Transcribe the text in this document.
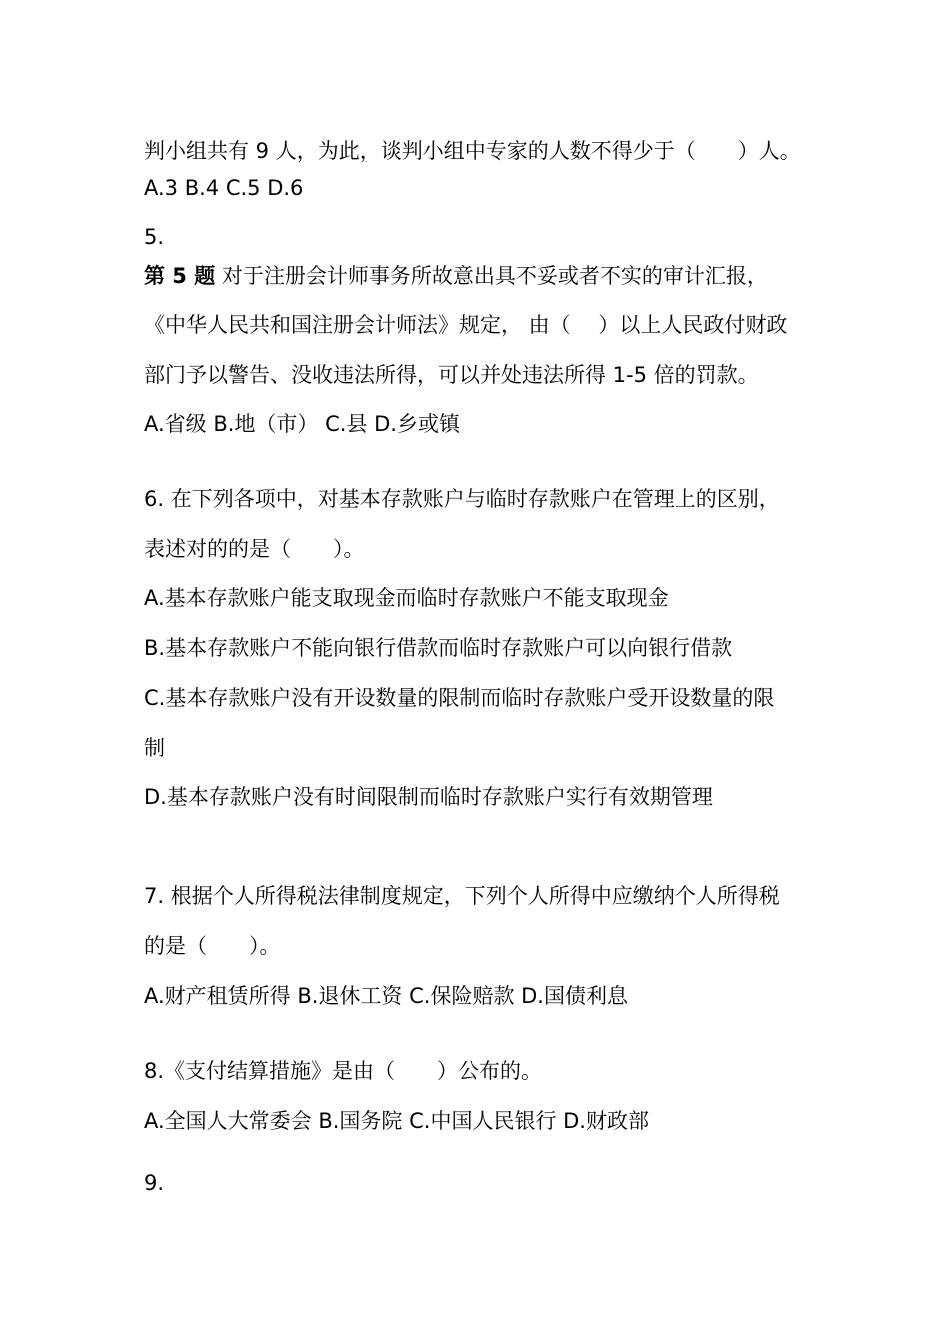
判小组共有 9 人，为此，谈判小组中专家的人数不得少于（　　）人。
A.3 B.4 C.5 D.6
5.
第 5 题 对于注册会计师事务所故意出具不妥或者不实的审计汇报，
《中华人民共和国注册会计师法》规定， 由（　 ）以上人民政付财政
部门予以警告、没收违法所得，可以并处违法所得 1-5 倍的罚款。
A.省级 B.地（市） C.县 D.乡或镇
6. 在下列各项中，对基本存款账户与临时存款账户在管理上的区别，
表述对的的是（　　）。
A.基本存款账户能支取现金而临时存款账户不能支取现金
B.基本存款账户不能向银行借款而临时存款账户可以向银行借款
C.基本存款账户没有开设数量的限制而临时存款账户受开设数量的限
制
D.基本存款账户没有时间限制而临时存款账户实行有效期管理
7. 根据个人所得税法律制度规定，下列个人所得中应缴纳个人所得税
的是（　　）。
A.财产租赁所得 B.退休工资 C.保险赔款 D.国债利息
8.《支付结算措施》是由（　　）公布的。
A.全国人大常委会 B.国务院 C.中国人民银行 D.财政部
9.
